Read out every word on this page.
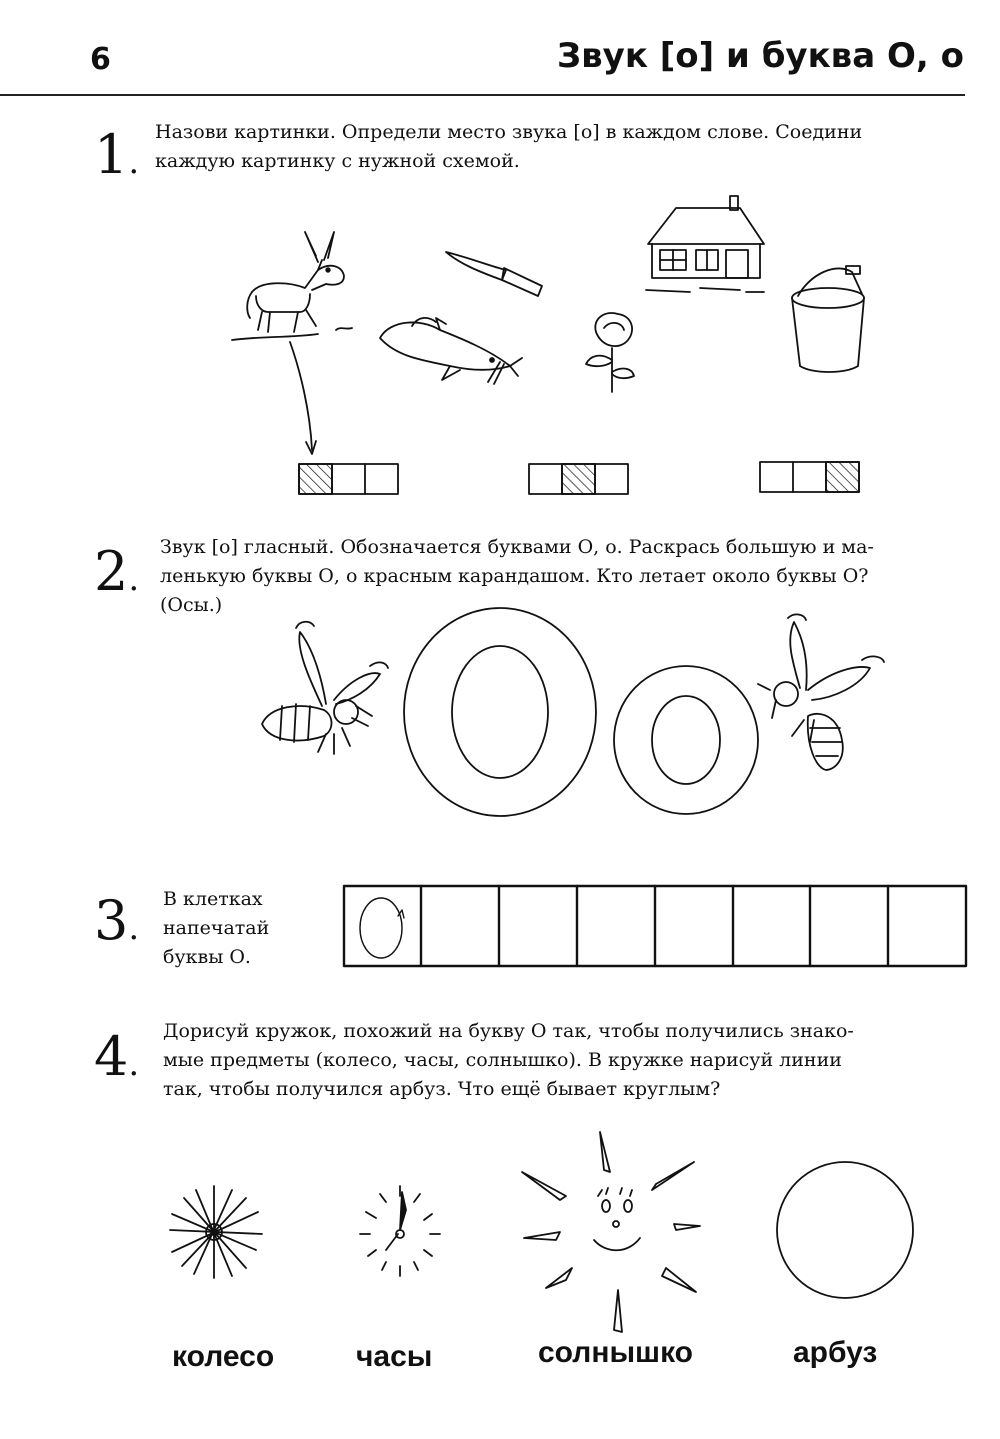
6	Звук [о] и буква О, о
1.
Назови картинки. Определи место звука [о] в каждом слове. Соедини
каждую картинку с нужной схемой.
2.
Звук [о] гласный. Обозначается буквами О, о. Раскрась большую и ма-
ленькую буквы О, о красным карандашом. Кто летает около буквы О?
(Осы.)
3.
В клетках
напечатай
буквы О.
4.
Дорисуй кружок, похожий на букву О так, чтобы получились знако-
мые предметы (колесо, часы, солнышко). В кружке нарисуй линии
так, чтобы получился арбуз. Что ещё бывает круглым?
колесо	часы	солнышко	арбуз
